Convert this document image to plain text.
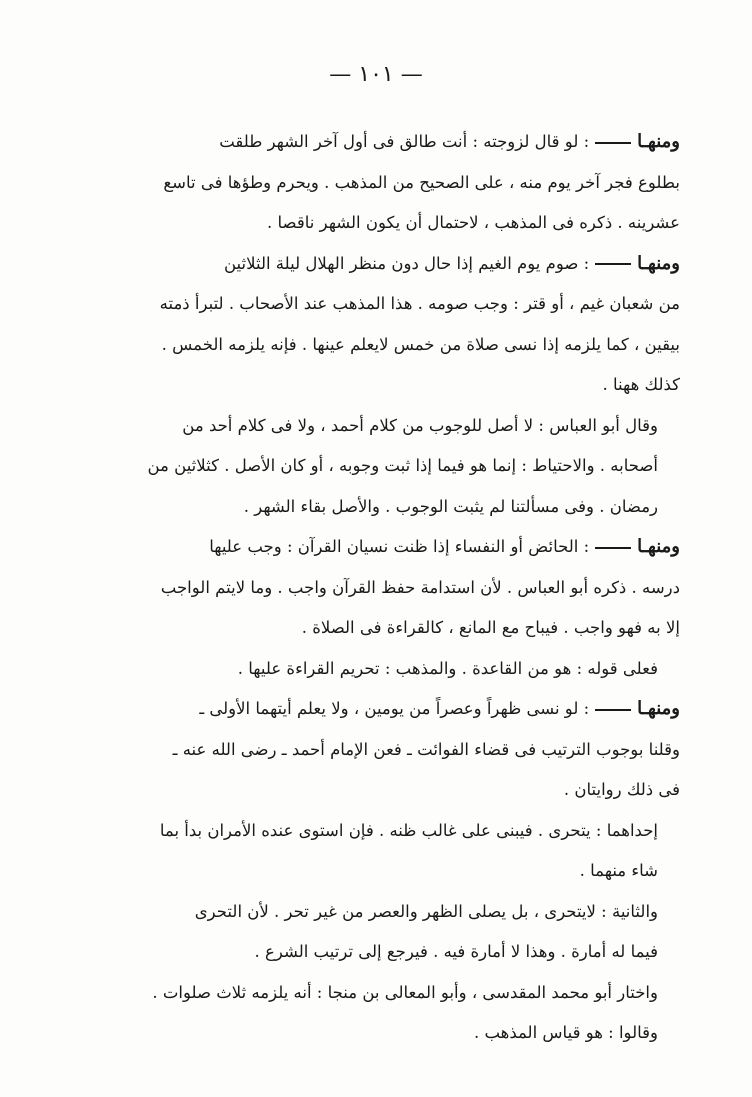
— ١٠١ —

ومنهـا: لو قال لزوجته : أنت طالق فى أول آخر الشهر طلقت
بطلوع فجر آخر يوم منه ، على الصحيح من المذهب . ويحرم وطؤها فى تاسع
عشرينه . ذكره فى المذهب ، لاحتمال أن يكون الشهر ناقصا .

ومنهـا: صوم يوم الغيم إذا حال دون منظر الهلال ليلة الثلاثين
من شعبان غيم ، أو قتر : وجب صومه . هذا المذهب عند الأصحاب . لتبرأ ذمته
بيقين ، كما يلزمه إذا نسى صلاة من خمس لايعلم عينها . فإنه يلزمه الخمس .
كذلك ههنا .

وقال أبو العباس : لا أصل للوجوب من كلام أحمد ، ولا فى كلام أحد من
أصحابه . والاحتياط : إنما هو فيما إذا ثبت وجوبه ، أو كان الأصل . كثلاثين من
رمضان . وفى مسألتنا لم يثبت الوجوب . والأصل بقاء الشهر .

ومنهـا: الحائض أو النفساء إذا ظنت نسيان القرآن : وجب عليها
درسه . ذكره أبو العباس . لأن استدامة حفظ القرآن واجب . وما لايتم الواجب
إلا به فهو واجب . فيباح مع المانع ، كالقراءة فى الصلاة .

فعلى قوله : هو من القاعدة . والمذهب : تحريم القراءة عليها .

ومنهـا: لو نسى ظهراً وعصراً من يومين ، ولا يعلم أيتهما الأولى ـ
وقلنا بوجوب الترتيب فى قضاء الفوائت ـ فعن الإمام أحمد ـ رضى الله عنه ـ
فى ذلك روايتان .

إحداهما : يتحرى . فيبنى على غالب ظنه . فإن استوى عنده الأمران بدأ بما
شاء منهما .

والثانية : لايتحرى ، بل يصلى الظهر والعصر من غير تحر . لأن التحرى
فيما له أمارة . وهذا لا أمارة فيه . فيرجع إلى ترتيب الشرع .

واختار أبو محمد المقدسى ، وأبو المعالى بن منجا : أنه يلزمه ثلاث صلوات .

وقالوا : هو قياس المذهب .
